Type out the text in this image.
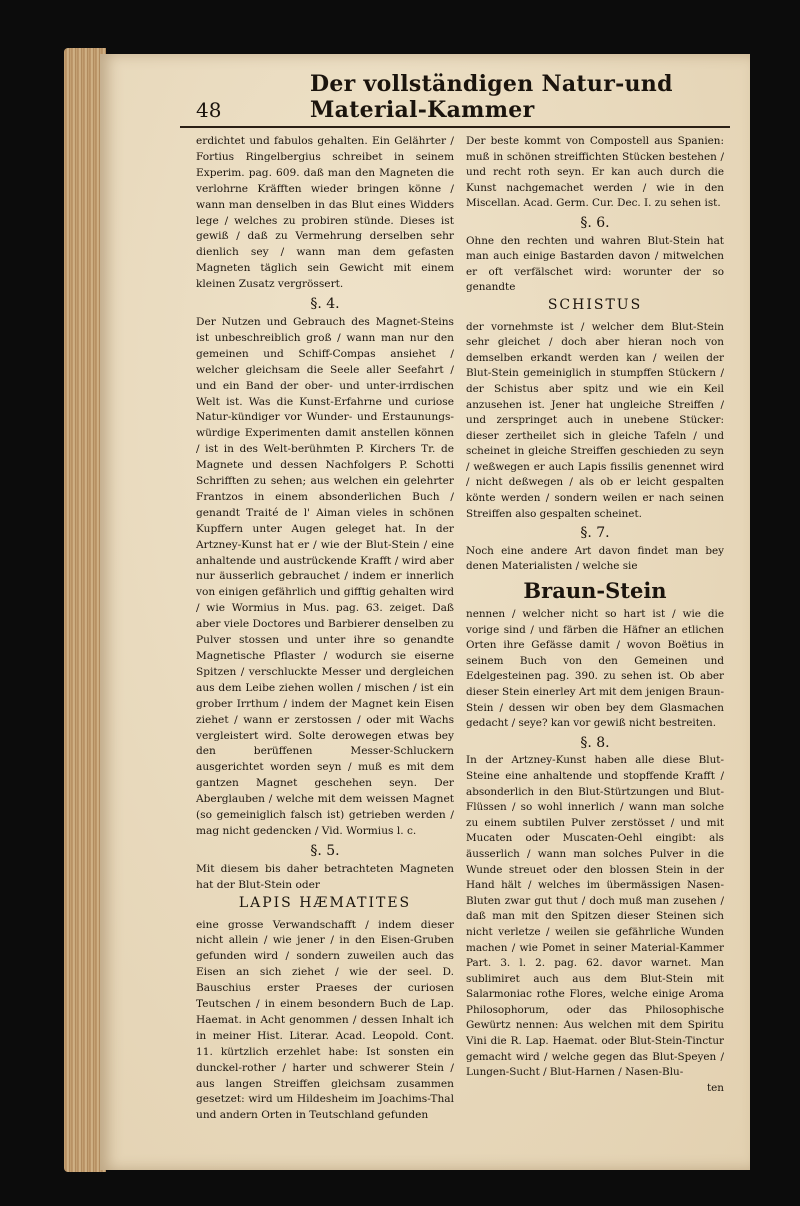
48
Der vollständigen Natur-und Material-Kammer

erdichtet und fabulos gehalten. Ein Gelährter / Fortius Ringelbergius schreibet in seinem Experim. pag. 609. daß man den Magneten die verlohrne Kräfften wieder bringen könne / wann man denselben in das Blut eines Widders lege / welches zu probiren stünde. Dieses ist gewiß / daß zu Vermehrung derselben sehr dienlich sey / wann man dem gefasten Magneten täglich sein Gewicht mit einem kleinen Zusatz vergrössert.

§. 4.

Der Nutzen und Gebrauch des Magnet-Steins ist unbeschreiblich groß / wann man nur den gemeinen und Schiff-Compas ansiehet / welcher gleichsam die Seele aller Seefahrt / und ein Band der ober- und unter-irrdischen Welt ist. Was die Kunst-Erfahrne und curiose Natur-kündiger vor Wunder- und Erstaunungs-würdige Experimenten damit anstellen können / ist in des Welt-berühmten P. Kirchers Tr. de Magnete und dessen Nachfolgers P. Schotti Schrifften zu sehen; aus welchen ein gelehrter Frantzos in einem absonderlichen Buch / genandt Traité de l' Aiman vieles in schönen Kupffern unter Augen geleget hat. In der Artzney-Kunst hat er / wie der Blut-Stein / eine anhaltende und austrückende Krafft / wird aber nur äusserlich gebrauchet / indem er innerlich von einigen gefährlich und gifftig gehalten wird / wie Wormius in Mus. pag. 63. zeiget. Daß aber viele Doctores und Barbierer denselben zu Pulver stossen und unter ihre so genandte Magnetische Pflaster / wodurch sie eiserne Spitzen / verschluckte Messer und dergleichen aus dem Leibe ziehen wollen / mischen / ist ein grober Irrthum / indem der Magnet kein Eisen ziehet / wann er zerstossen / oder mit Wachs vergleistert wird. Solte derowegen etwas bey den berüffenen Messer-Schluckern ausgerichtet worden seyn / muß es mit dem gantzen Magnet geschehen seyn. Der Aberglauben / welche mit dem weissen Magnet (so gemeiniglich falsch ist) getrieben werden / mag nicht gedencken / Vid. Wormius l. c.

§. 5.

Mit diesem bis daher betrachteten Magneten hat der Blut-Stein oder

LAPIS HÆMATITES

eine grosse Verwandschafft / indem dieser nicht allein / wie jener / in den Eisen-Gruben gefunden wird / sondern zuweilen auch das Eisen an sich ziehet / wie der seel. D. Bauschius erster Praeses der curiosen Teutschen / in einem besondern Buch de Lap. Haemat. in Acht genommen / dessen Inhalt ich in meiner Hist. Literar. Acad. Leopold. Cont. 11. kürtzlich erzehlet habe: Ist sonsten ein dunckel-rother / harter und schwerer Stein / aus langen Streiffen gleichsam zusammen gesetzet: wird um Hildesheim im Joachims-Thal und andern Orten in Teutschland gefunden

Der beste kommt von Compostell aus Spanien: muß in schönen streiffichten Stücken bestehen / und recht roth seyn. Er kan auch durch die Kunst nachgemachet werden / wie in den Miscellan. Acad. Germ. Cur. Dec. I. zu sehen ist.

§. 6.

Ohne den rechten und wahren Blut-Stein hat man auch einige Bastarden davon / mitwelchen er oft verfälschet wird: worunter der so genandte

SCHISTUS

der vornehmste ist / welcher dem Blut-Stein sehr gleichet / doch aber hieran noch von demselben erkandt werden kan / weilen der Blut-Stein gemeiniglich in stumpffen Stückern / der Schistus aber spitz und wie ein Keil anzusehen ist. Jener hat ungleiche Streiffen / und zerspringet auch in unebene Stücker: dieser zertheilet sich in gleiche Tafeln / und scheinet in gleiche Streiffen geschieden zu seyn / weßwegen er auch Lapis fissilis genennet wird / nicht deßwegen / als ob er leicht gespalten könte werden / sondern weilen er nach seinen Streiffen also gespalten scheinet.

§. 7.

Noch eine andere Art davon findet man bey denen Materialisten / welche sie

Braun-Stein

nennen / welcher nicht so hart ist / wie die vorige sind / und färben die Häfner an etlichen Orten ihre Gefässe damit / wovon Boëtius in seinem Buch von den Gemeinen und Edelgesteinen pag. 390. zu sehen ist. Ob aber dieser Stein einerley Art mit dem jenigen Braun-Stein / dessen wir oben bey dem Glasmachen gedacht / seye? kan vor gewiß nicht bestreiten.

§. 8.

In der Artzney-Kunst haben alle diese Blut-Steine eine anhaltende und stopffende Krafft / absonderlich in den Blut-Stürtzungen und Blut-Flüssen / so wohl innerlich / wann man solche zu einem subtilen Pulver zerstösset / und mit Mucaten oder Muscaten-Oehl eingibt: als äusserlich / wann man solches Pulver in die Wunde streuet oder den blossen Stein in der Hand hält / welches im übermässigen Nasen-Bluten zwar gut thut / doch muß man zusehen / daß man mit den Spitzen dieser Steinen sich nicht verletze / weilen sie gefährliche Wunden machen / wie Pomet in seiner Material-Kammer Part. 3. l. 2. pag. 62. davor warnet. Man sublimiret auch aus dem Blut-Stein mit Salarmoniac rothe Flores, welche einige Aroma Philosophorum, oder das Philosophische Gewürtz nennen: Aus welchen mit dem Spiritu Vini die R. Lap. Haemat. oder Blut-Stein-Tinctur gemacht wird / welche gegen das Blut-Speyen / Lungen-Sucht / Blut-Harnen / Nasen-Blu-

ten
